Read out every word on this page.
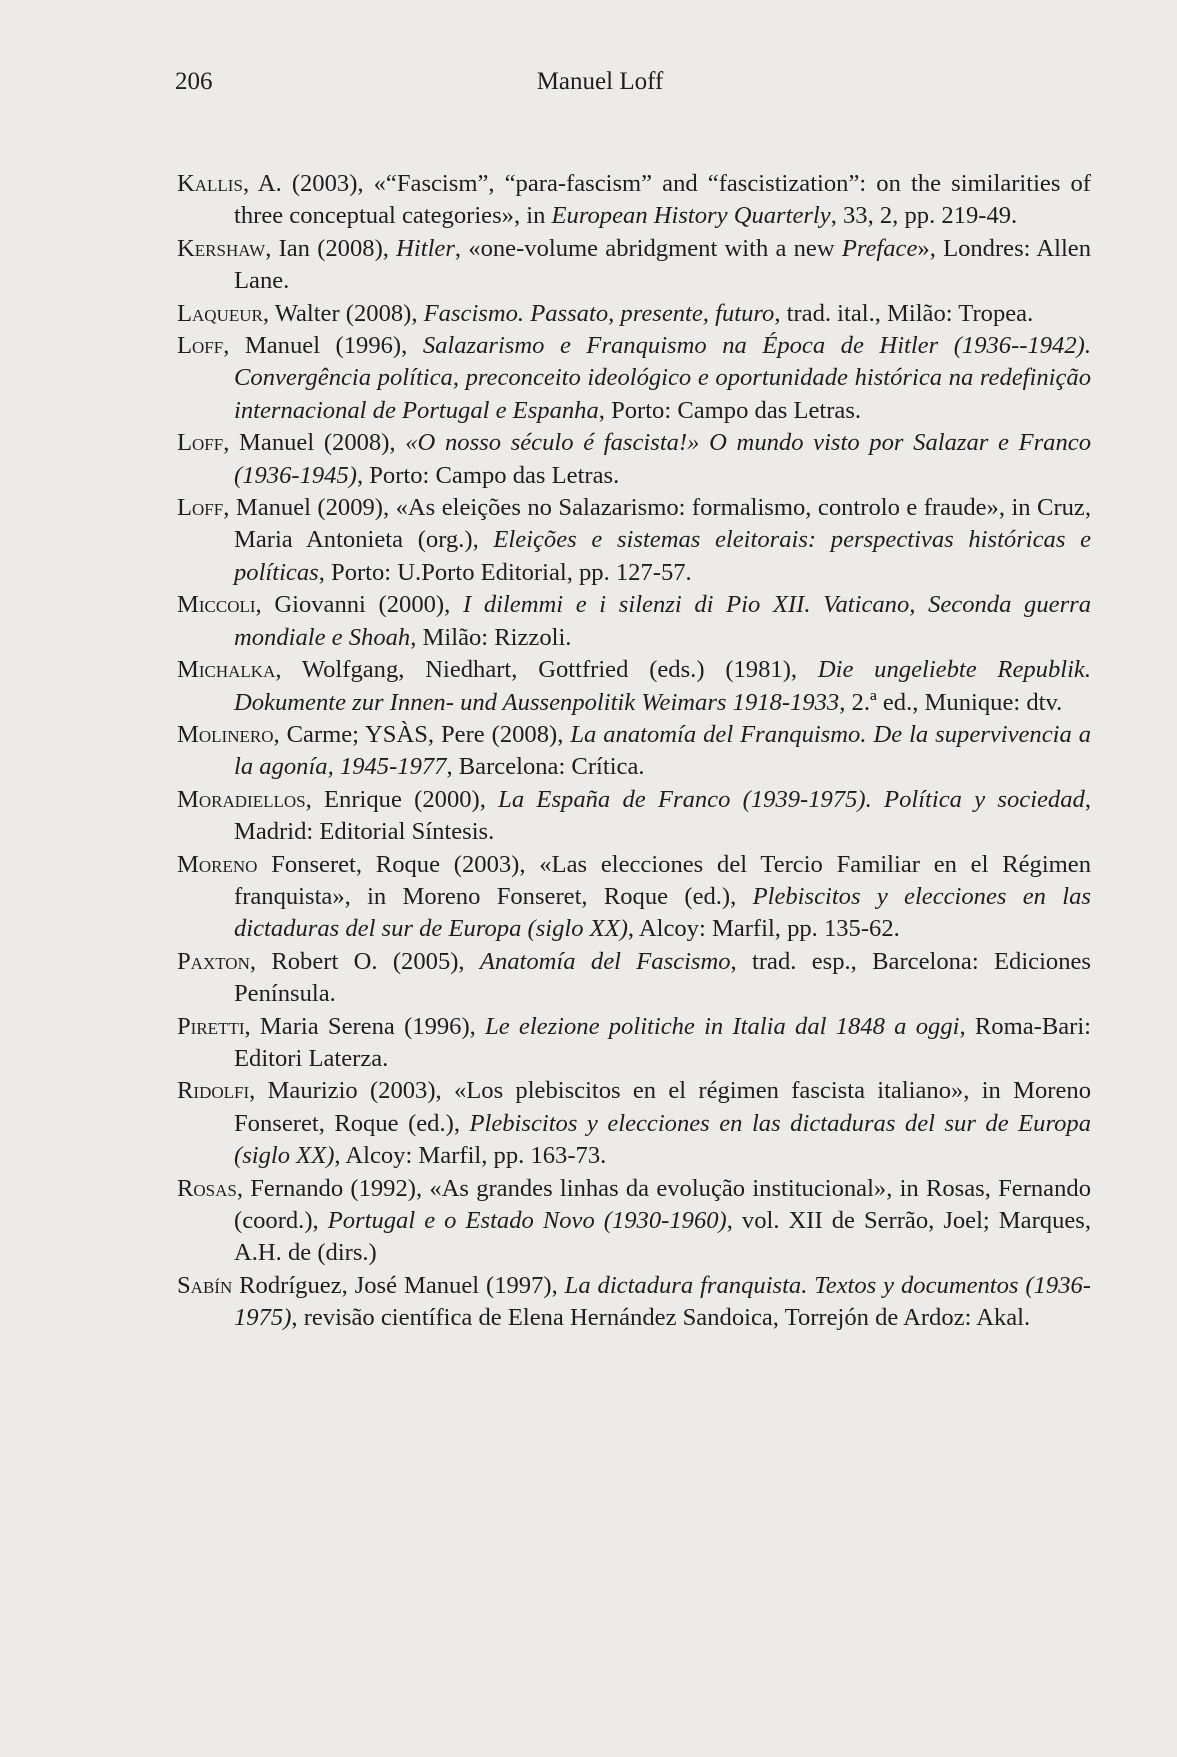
206	Manuel Loff

Kallis, A. (2003), «“Fascism”, “para-fascism” and “fascistization”: on the similarities of three conceptual categories», in European History Quarterly, 33, 2, pp. 219-49.

Kershaw, Ian (2008), Hitler, «one-volume abridgment with a new Preface», Londres: Allen Lane.

Laqueur, Walter (2008), Fascismo. Passato, presente, futuro, trad. ital., Milão: Tropea.

Loff, Manuel (1996), Salazarismo e Franquismo na Época de Hitler (1936--1942). Convergência política, preconceito ideológico e oportunidade histórica na redefinição internacional de Portugal e Espanha, Porto: Campo das Letras.

Loff, Manuel (2008), «O nosso século é fascista!» O mundo visto por Salazar e Franco (1936-1945), Porto: Campo das Letras.

Loff, Manuel (2009), «As eleições no Salazarismo: formalismo, controlo e fraude», in Cruz, Maria Antonieta (org.), Eleições e sistemas eleitorais: perspectivas históricas e políticas, Porto: U.Porto Editorial, pp. 127-57.

Miccoli, Giovanni (2000), I dilemmi e i silenzi di Pio XII. Vaticano, Seconda guerra mondiale e Shoah, Milão: Rizzoli.

Michalka, Wolfgang, Niedhart, Gottfried (eds.) (1981), Die ungeliebte Republik. Dokumente zur Innen- und Aussenpolitik Weimars 1918-1933, 2.ª ed., Munique: dtv.

Molinero, Carme; YSÀS, Pere (2008), La anatomía del Franquismo. De la supervivencia a la agonía, 1945-1977, Barcelona: Crítica.

Moradiellos, Enrique (2000), La España de Franco (1939-1975). Política y sociedad, Madrid: Editorial Síntesis.

Moreno Fonseret, Roque (2003), «Las elecciones del Tercio Familiar en el Régimen franquista», in Moreno Fonseret, Roque (ed.), Plebiscitos y elecciones en las dictaduras del sur de Europa (siglo XX), Alcoy: Marfil, pp. 135-62.

Paxton, Robert O. (2005), Anatomía del Fascismo, trad. esp., Barcelona: Ediciones Península.

Piretti, Maria Serena (1996), Le elezione politiche in Italia dal 1848 a oggi, Roma-Bari: Editori Laterza.

Ridolfi, Maurizio (2003), «Los plebiscitos en el régimen fascista italiano», in Moreno Fonseret, Roque (ed.), Plebiscitos y elecciones en las dictaduras del sur de Europa (siglo XX), Alcoy: Marfil, pp. 163-73.

Rosas, Fernando (1992), «As grandes linhas da evolução institucional», in Rosas, Fernando (coord.), Portugal e o Estado Novo (1930-1960), vol. XII de Serrão, Joel; Marques, A.H. de (dirs.)

Sabín Rodríguez, José Manuel (1997), La dictadura franquista. Textos y documentos (1936-1975), revisão científica de Elena Hernández Sandoica, Torrejón de Ardoz: Akal.
